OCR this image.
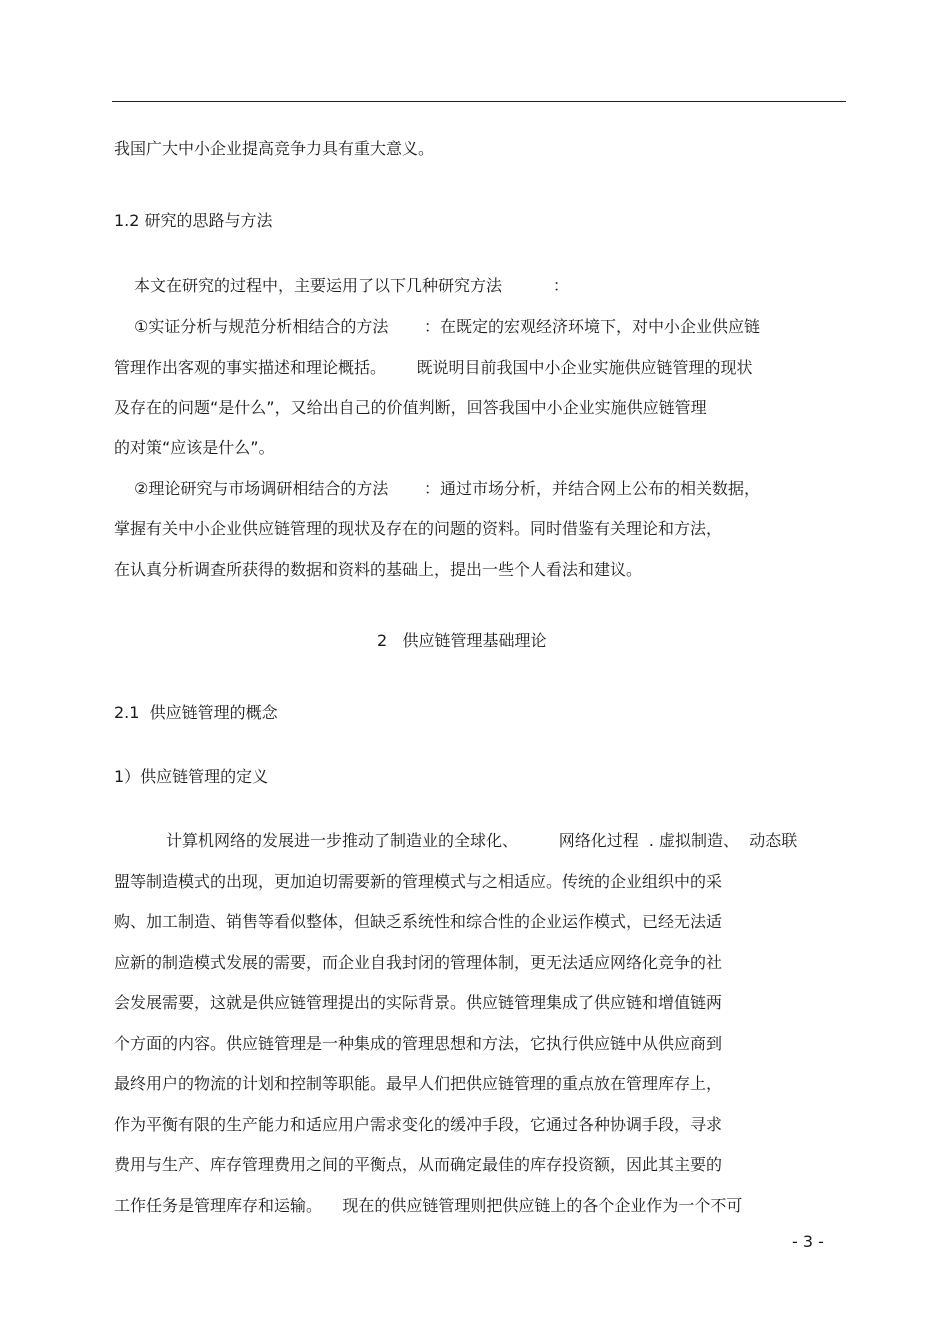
我国广大中小企业提高竞争力具有重大意义。
1.2 研究的思路与方法
本文在研究的过程中，主要运用了以下几种研究方法          ：
①实证分析与规范分析相结合的方法       ：在既定的宏观经济环境下，对中小企业供应链
管理作出客观的事实描述和理论概括。      既说明目前我国中小企业实施供应链管理的现状
及存在的问题“是什么”，又给出自己的价值判断，回答我国中小企业实施供应链管理
的对策“应该是什么”。
②理论研究与市场调研相结合的方法       ：通过市场分析，并结合网上公布的相关数据，
掌握有关中小企业供应链管理的现状及存在的问题的资料。同时借鉴有关理论和方法，
在认真分析调查所获得的数据和资料的基础上，提出一些个人看法和建议。
2   供应链管理基础理论
2.1  供应链管理的概念
1）供应链管理的定义
计算机网络的发展进一步推动了制造业的全球化、        网络化过程  . 虚拟制造、  动态联
盟等制造模式的出现，更加迫切需要新的管理模式与之相适应。传统的企业组织中的采
购、加工制造、销售等看似整体，但缺乏系统性和综合性的企业运作模式，已经无法适
应新的制造模式发展的需要，而企业自我封闭的管理体制，更无法适应网络化竞争的社
会发展需要，这就是供应链管理提出的实际背景。供应链管理集成了供应链和增值链两
个方面的内容。供应链管理是一种集成的管理思想和方法，它执行供应链中从供应商到
最终用户的物流的计划和控制等职能。最早人们把供应链管理的重点放在管理库存上，
作为平衡有限的生产能力和适应用户需求变化的缓冲手段，它通过各种协调手段，寻求
费用与生产、库存管理费用之间的平衡点，从而确定最佳的库存投资额，因此其主要的
工作任务是管理库存和运输。    现在的供应链管理则把供应链上的各个企业作为一个不可
- 3 -
